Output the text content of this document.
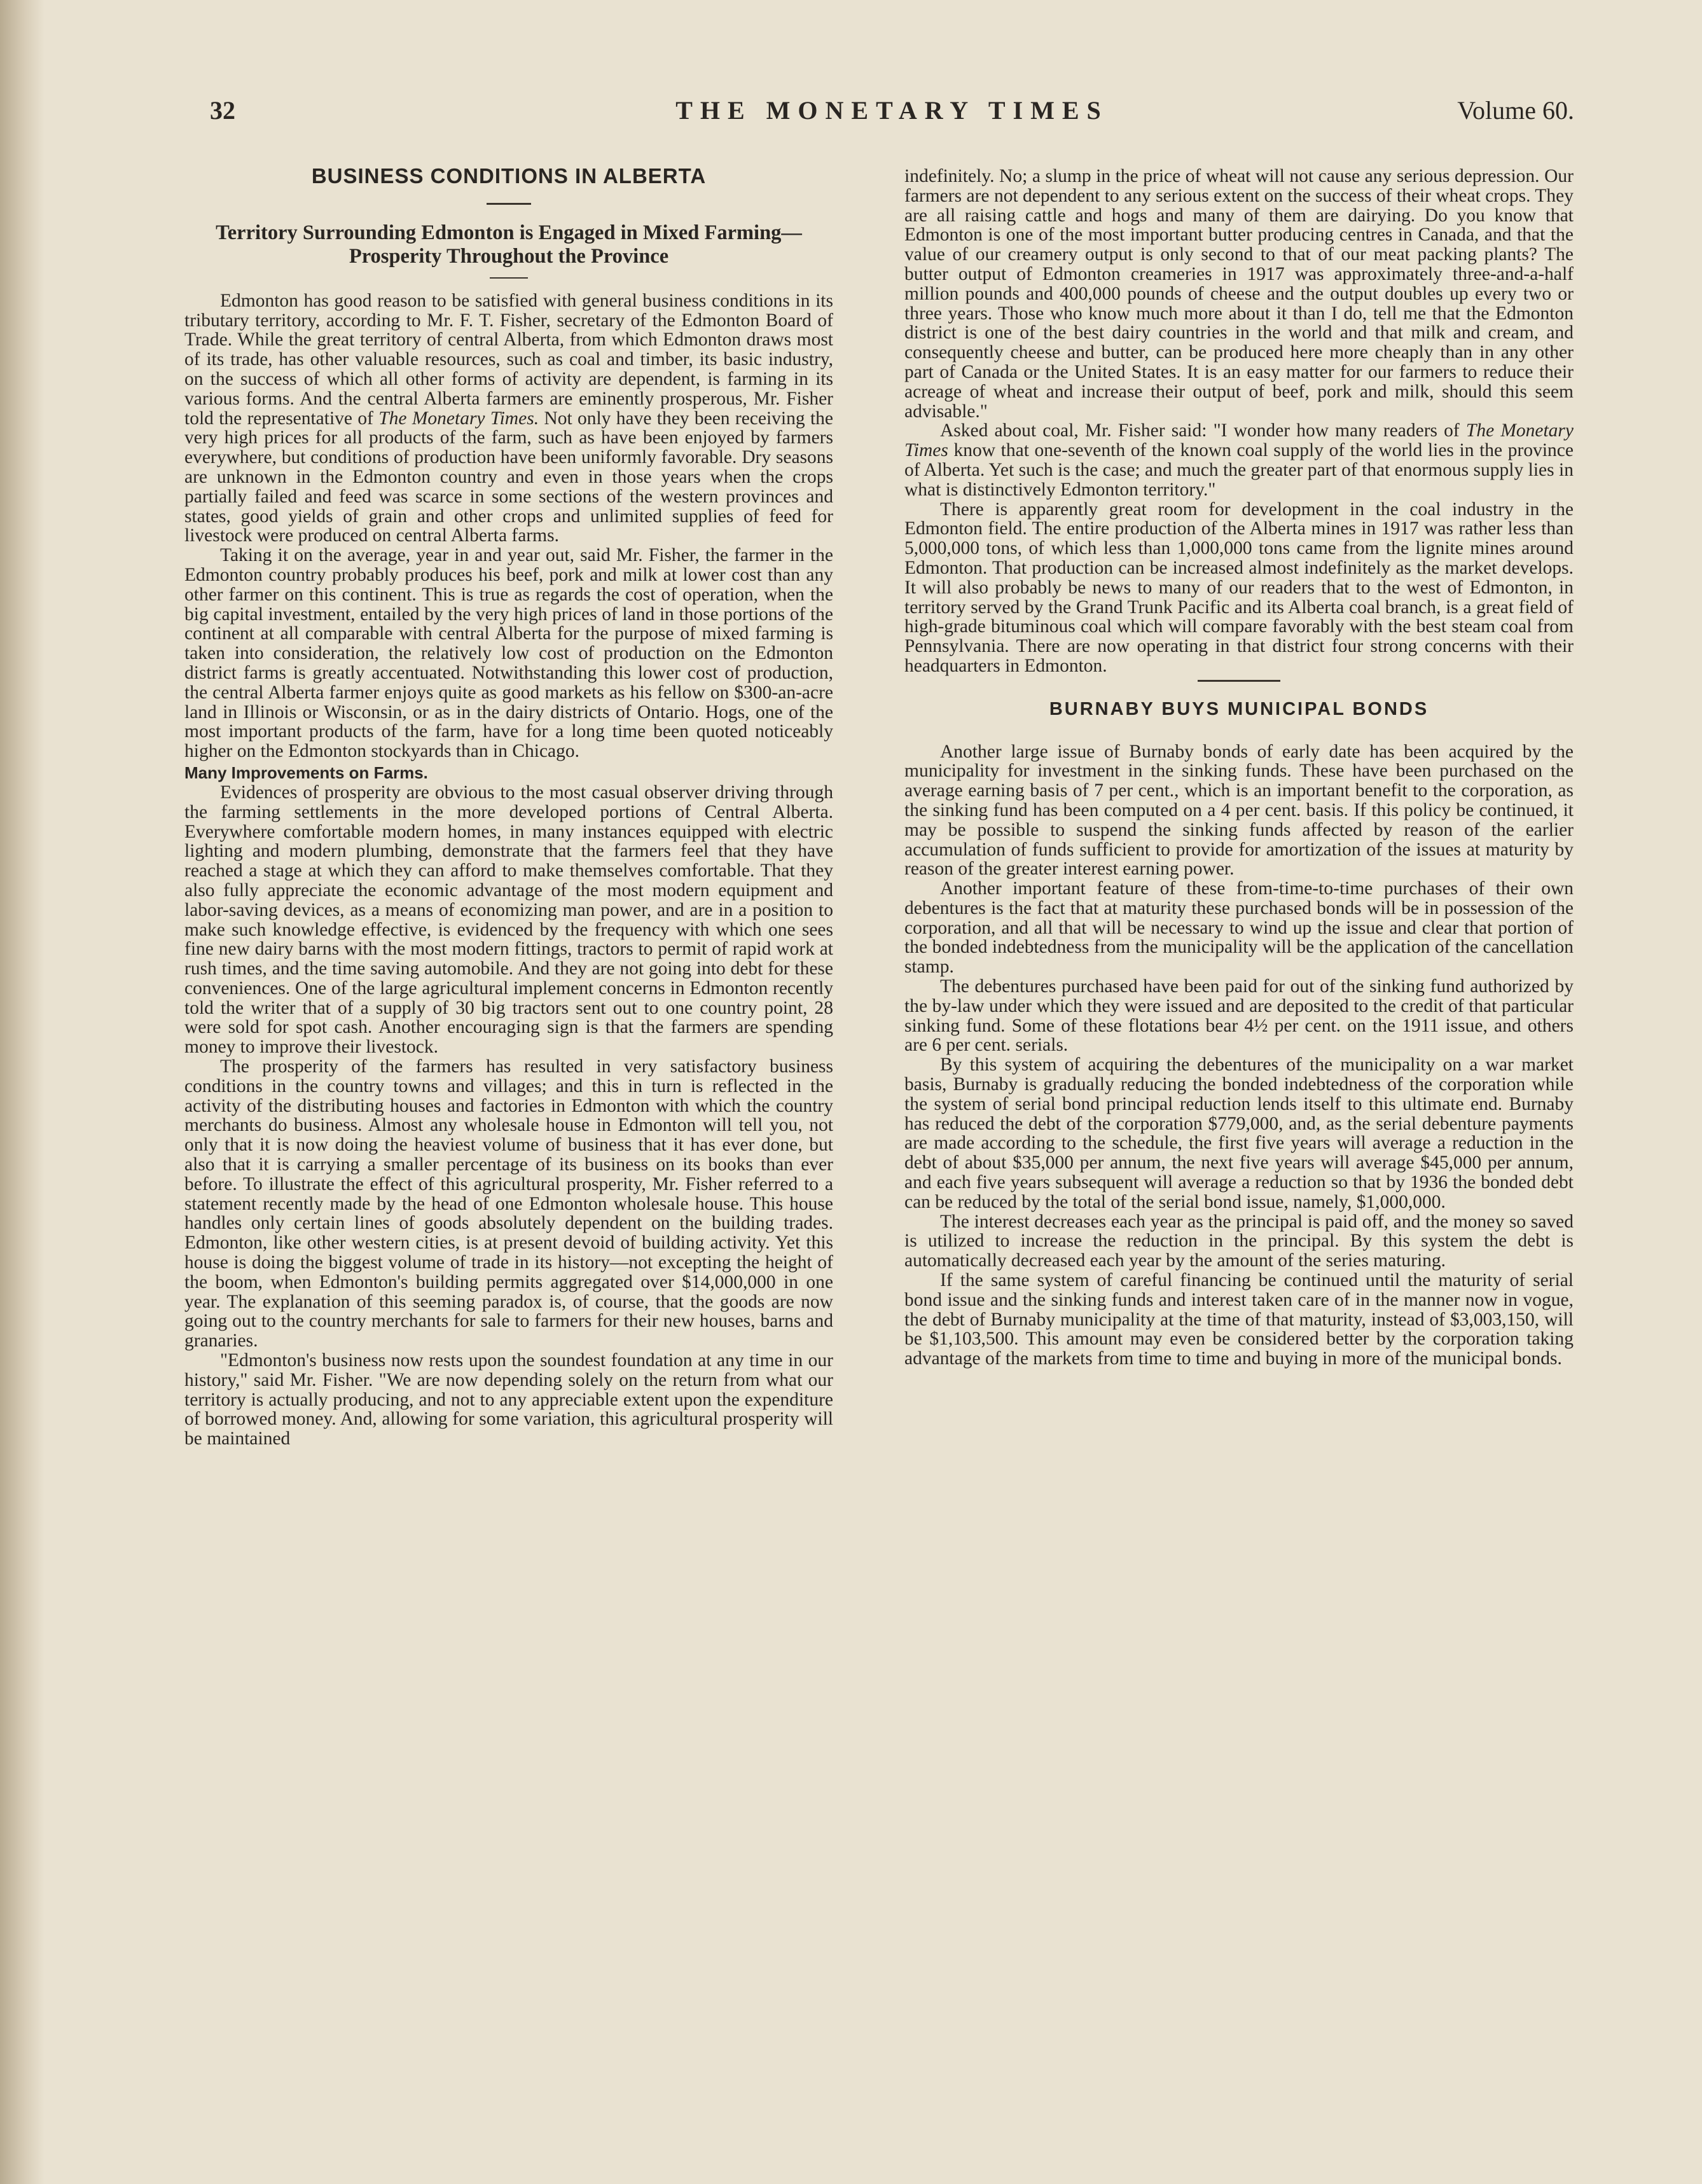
32	THE MONETARY TIMES	Volume 60.
BUSINESS CONDITIONS IN ALBERTA
Territory Surrounding Edmonton is Engaged in Mixed Farming—Prosperity Throughout the Province

Edmonton has good reason to be satisfied with general business conditions in its tributary territory, according to Mr. F. T. Fisher, secretary of the Edmonton Board of Trade. While the great territory of central Alberta, from which Edmonton draws most of its trade, has other valuable resources, such as coal and timber, its basic industry, on the success of which all other forms of activity are dependent, is farming in its various forms. And the central Alberta farmers are eminently prosperous, Mr. Fisher told the representative of The Monetary Times. Not only have they been receiving the very high prices for all products of the farm, such as have been enjoyed by farmers everywhere, but conditions of production have been uniformly favorable. Dry seasons are unknown in the Edmonton country and even in those years when the crops partially failed and feed was scarce in some sections of the western provinces and states, good yields of grain and other crops and unlimited supplies of feed for livestock were produced on central Alberta farms.

Taking it on the average, year in and year out, said Mr. Fisher, the farmer in the Edmonton country probably produces his beef, pork and milk at lower cost than any other farmer on this continent. This is true as regards the cost of operation, when the big capital investment, entailed by the very high prices of land in those portions of the continent at all comparable with central Alberta for the purpose of mixed farming is taken into consideration, the relatively low cost of production on the Edmonton district farms is greatly accentuated. Notwithstanding this lower cost of production, the central Alberta farmer enjoys quite as good markets as his fellow on $300-an-acre land in Illinois or Wisconsin, or as in the dairy districts of Ontario. Hogs, one of the most important products of the farm, have for a long time been quoted noticeably higher on the Edmonton stockyards than in Chicago.

Many Improvements on Farms.

Evidences of prosperity are obvious to the most casual observer driving through the farming settlements in the more developed portions of Central Alberta. Everywhere comfortable modern homes, in many instances equipped with electric lighting and modern plumbing, demonstrate that the farmers feel that they have reached a stage at which they can afford to make themselves comfortable. That they also fully appreciate the economic advantage of the most modern equipment and labor-saving devices, as a means of economizing man power, and are in a position to make such knowledge effective, is evidenced by the frequency with which one sees fine new dairy barns with the most modern fittings, tractors to permit of rapid work at rush times, and the time saving automobile. And they are not going into debt for these conveniences. One of the large agricultural implement concerns in Edmonton recently told the writer that of a supply of 30 big tractors sent out to one country point, 28 were sold for spot cash. Another encouraging sign is that the farmers are spending money to improve their livestock.

The prosperity of the farmers has resulted in very satisfactory business conditions in the country towns and villages; and this in turn is reflected in the activity of the distributing houses and factories in Edmonton with which the country merchants do business. Almost any wholesale house in Edmonton will tell you, not only that it is now doing the heaviest volume of business that it has ever done, but also that it is carrying a smaller percentage of its business on its books than ever before. To illustrate the effect of this agricultural prosperity, Mr. Fisher referred to a statement recently made by the head of one Edmonton wholesale house. This house handles only certain lines of goods absolutely dependent on the building trades. Edmonton, like other western cities, is at present devoid of building activity. Yet this house is doing the biggest volume of trade in its history—not excepting the height of the boom, when Edmonton's building permits aggregated over $14,000,000 in one year. The explanation of this seeming paradox is, of course, that the goods are now going out to the country merchants for sale to farmers for their new houses, barns and granaries.

"Edmonton's business now rests upon the soundest foundation at any time in our history," said Mr. Fisher. "We are now depending solely on the return from what our territory is actually producing, and not to any appreciable extent upon the expenditure of borrowed money. And, allowing for some variation, this agricultural prosperity will be maintained

indefinitely. No; a slump in the price of wheat will not cause any serious depression. Our farmers are not dependent to any serious extent on the success of their wheat crops. They are all raising cattle and hogs and many of them are dairying. Do you know that Edmonton is one of the most important butter producing centres in Canada, and that the value of our creamery output is only second to that of our meat packing plants? The butter output of Edmonton creameries in 1917 was approximately three-and-a-half million pounds and 400,000 pounds of cheese and the output doubles up every two or three years. Those who know much more about it than I do, tell me that the Edmonton district is one of the best dairy countries in the world and that milk and cream, and consequently cheese and butter, can be produced here more cheaply than in any other part of Canada or the United States. It is an easy matter for our farmers to reduce their acreage of wheat and increase their output of beef, pork and milk, should this seem advisable."

Asked about coal, Mr. Fisher said: "I wonder how many readers of The Monetary Times know that one-seventh of the known coal supply of the world lies in the province of Alberta. Yet such is the case; and much the greater part of that enormous supply lies in what is distinctively Edmonton territory."

There is apparently great room for development in the coal industry in the Edmonton field. The entire production of the Alberta mines in 1917 was rather less than 5,000,000 tons, of which less than 1,000,000 tons came from the lignite mines around Edmonton. That production can be increased almost indefinitely as the market develops. It will also probably be news to many of our readers that to the west of Edmonton, in territory served by the Grand Trunk Pacific and its Alberta coal branch, is a great field of high-grade bituminous coal which will compare favorably with the best steam coal from Pennsylvania. There are now operating in that district four strong concerns with their headquarters in Edmonton.

BURNABY BUYS MUNICIPAL BONDS

Another large issue of Burnaby bonds of early date has been acquired by the municipality for investment in the sinking funds. These have been purchased on the average earning basis of 7 per cent., which is an important benefit to the corporation, as the sinking fund has been computed on a 4 per cent. basis. If this policy be continued, it may be possible to suspend the sinking funds affected by reason of the earlier accumulation of funds sufficient to provide for amortization of the issues at maturity by reason of the greater interest earning power.

Another important feature of these from-time-to-time purchases of their own debentures is the fact that at maturity these purchased bonds will be in possession of the corporation, and all that will be necessary to wind up the issue and clear that portion of the bonded indebtedness from the municipality will be the application of the cancellation stamp.

The debentures purchased have been paid for out of the sinking fund authorized by the by-law under which they were issued and are deposited to the credit of that particular sinking fund. Some of these flotations bear 4½ per cent. on the 1911 issue, and others are 6 per cent. serials.

By this system of acquiring the debentures of the municipality on a war market basis, Burnaby is gradually reducing the bonded indebtedness of the corporation while the system of serial bond principal reduction lends itself to this ultimate end. Burnaby has reduced the debt of the corporation $779,000, and, as the serial debenture payments are made according to the schedule, the first five years will average a reduction in the debt of about $35,000 per annum, the next five years will average $45,000 per annum, and each five years subsequent will average a reduction so that by 1936 the bonded debt can be reduced by the total of the serial bond issue, namely, $1,000,000.

The interest decreases each year as the principal is paid off, and the money so saved is utilized to increase the reduction in the principal. By this system the debt is automatically decreased each year by the amount of the series maturing.

If the same system of careful financing be continued until the maturity of serial bond issue and the sinking funds and interest taken care of in the manner now in vogue, the debt of Burnaby municipality at the time of that maturity, instead of $3,003,150, will be $1,103,500. This amount may even be considered better by the corporation taking advantage of the markets from time to time and buying in more of the municipal bonds.
